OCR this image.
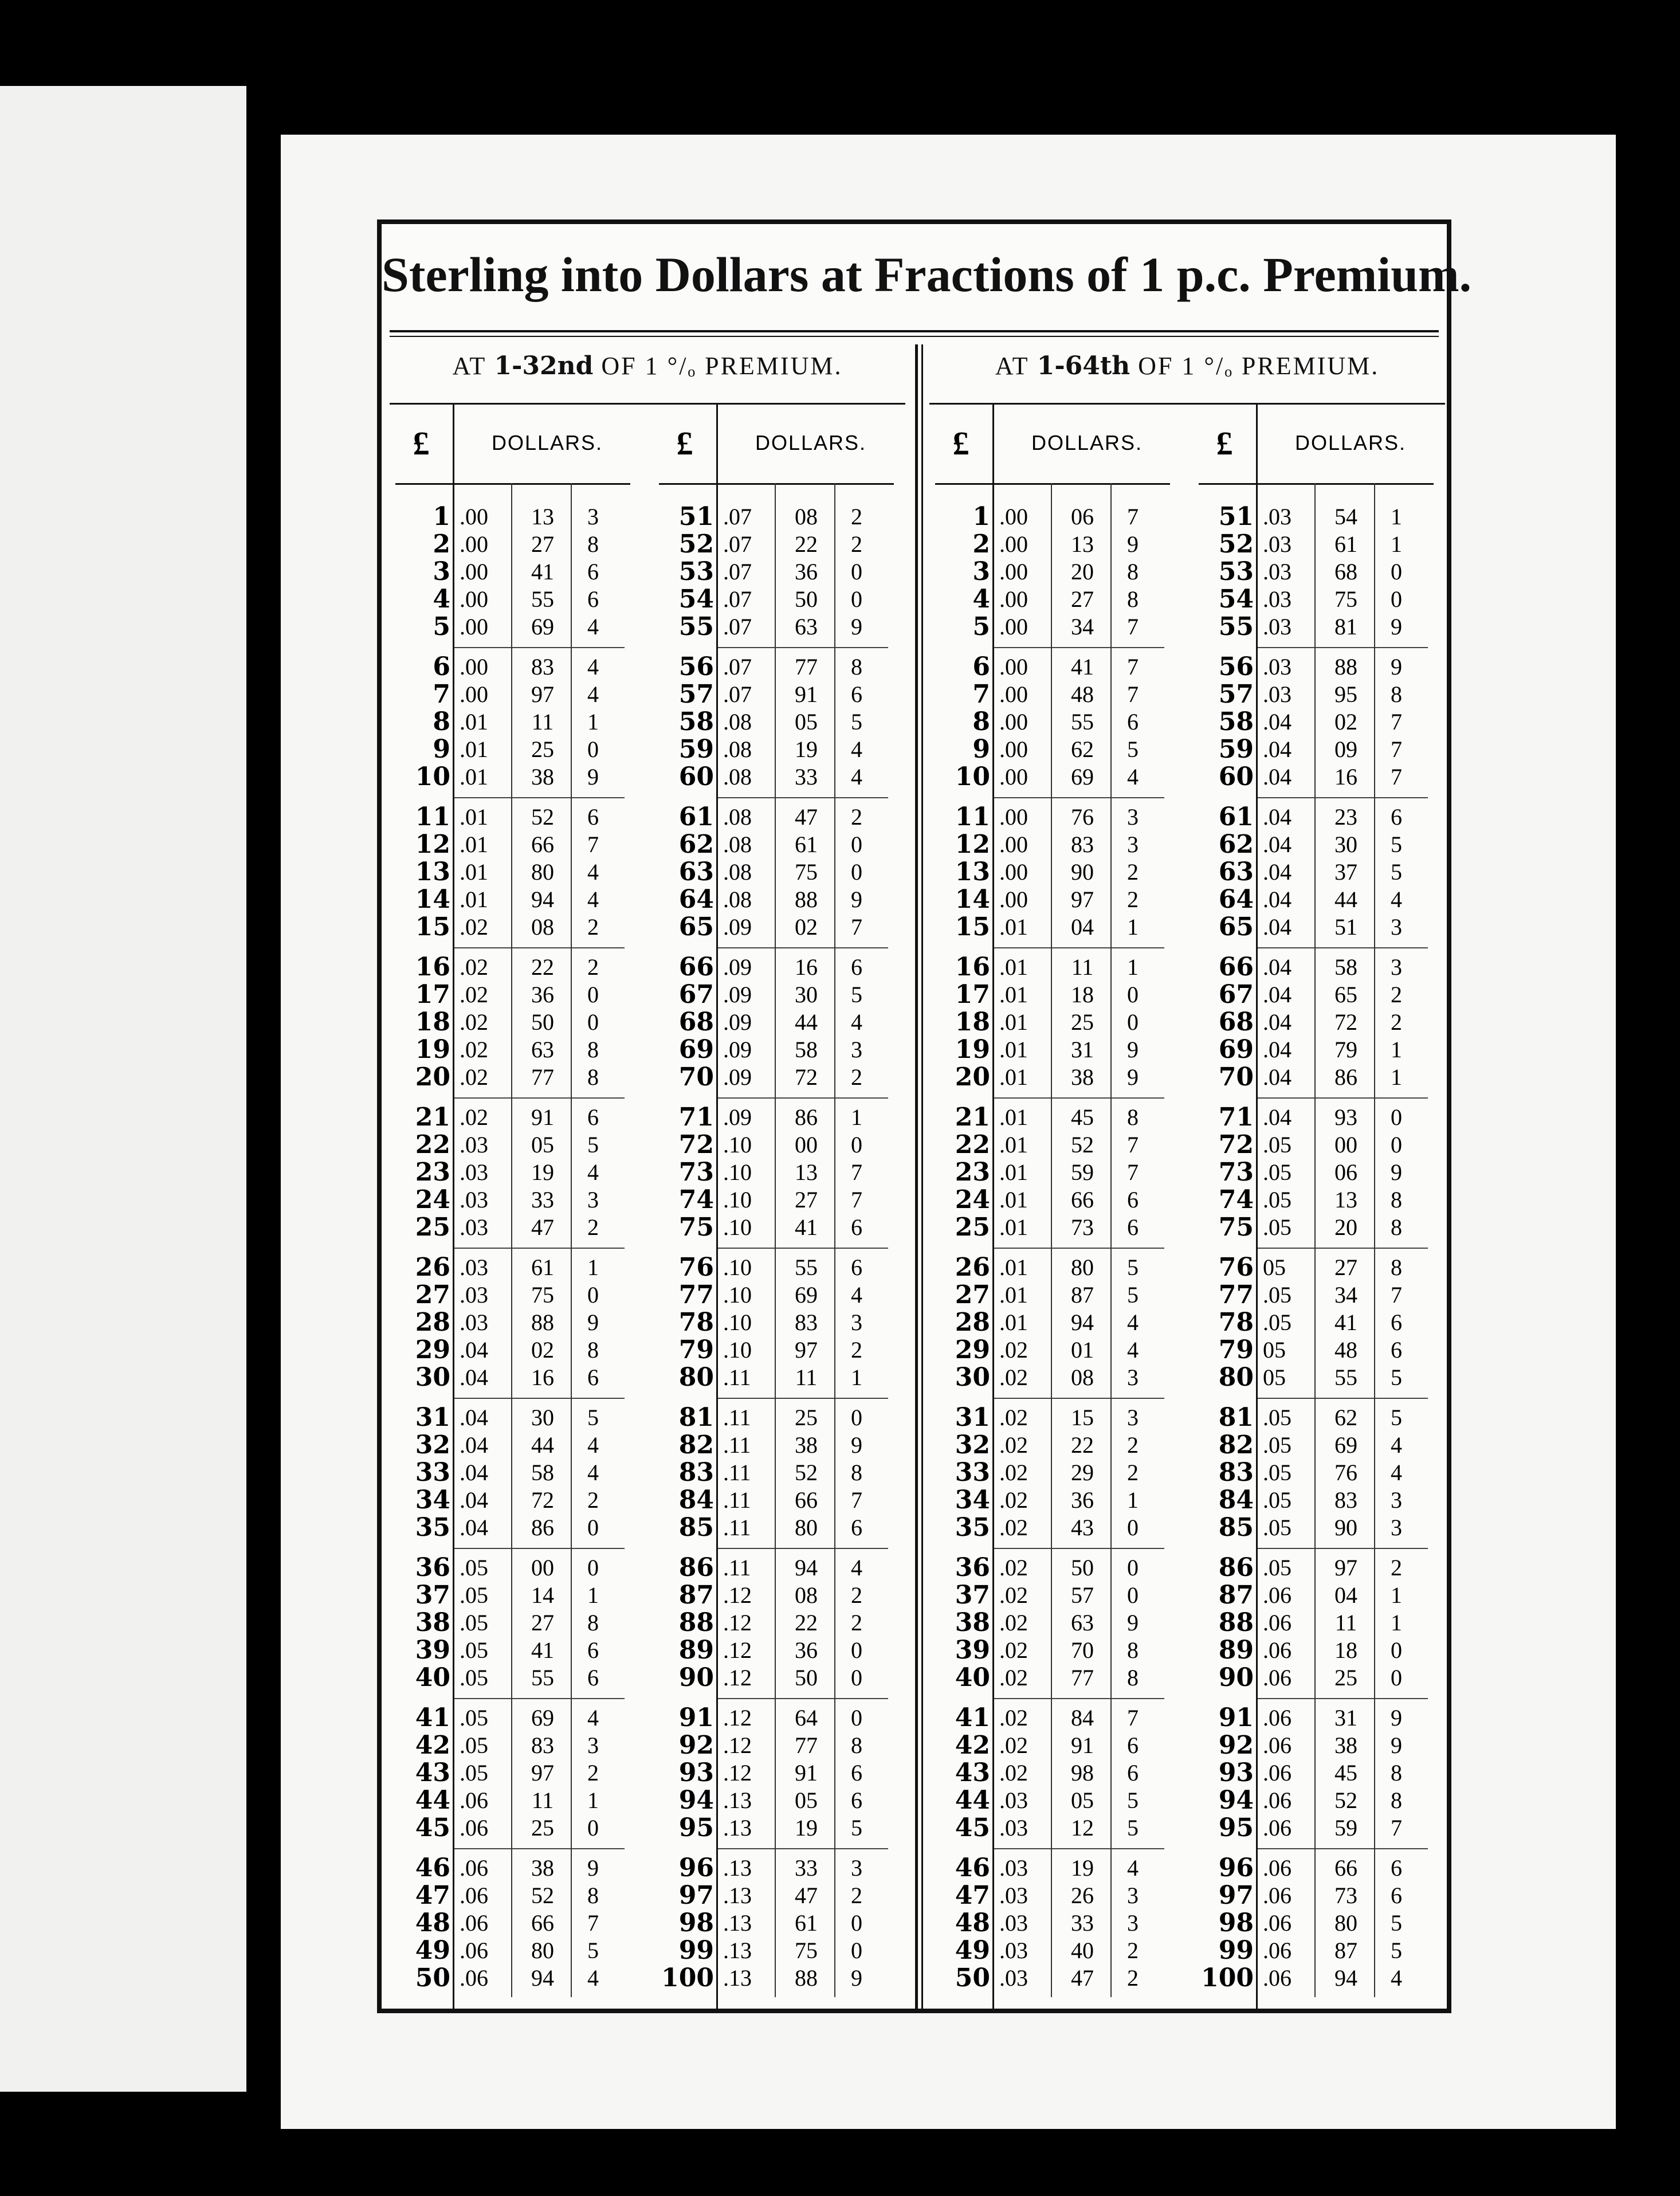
Sterling into Dollars at Fractions of 1 p.c. Premium.
AT 1-32nd OF 1 °/ₒ PREMIUM.
£	DOLLARS.
1 .00	13	3
2 .00	27	8
3 .00	41	6
4 .00	55	6
5 .00	69	4
6 .00	83	4
7 .00	97	4
8 .01	11	1
9 .01	25	0
10 .01	38	9
11 .01	52	6
12 .01	66	7
13 .01	80	4
14 .01	94	4
15 .02	08	2
16 .02	22	2
17 .02	36	0
18 .02	50	0
19 .02	63	8
20 .02	77	8
21 .02	91	6
22 .03	05	5
23 .03	19	4
24 .03	33	3
25 .03	47	2
26 .03	61	1
27 .03	75	0
28 .03	88	9
29 .04	02	8
30 .04	16	6
31 .04	30	5
32 .04	44	4
33 .04	58	4
34 .04	72	2
35 .04	86	0
36 .05	00	0
37 .05	14	1
38 .05	27	8
39 .05	41	6
40 .05	55	6
41 .05	69	4
42 .05	83	3
43 .05	97	2
44 .06	11	1
45 .06	25	0
46 .06	38	9
47 .06	52	8
48 .06	66	7
49 .06	80	5
50 .06	94	4
£	DOLLARS.
51 .07	08	2
52 .07	22	2
53 .07	36	0
54 .07	50	0
55 .07	63	9
56 .07	77	8
57 .07	91	6
58 .08	05	5
59 .08	19	4
60 .08	33	4
61 .08	47	2
62 .08	61	0
63 .08	75	0
64 .08	88	9
65 .09	02	7
66 .09	16	6
67 .09	30	5
68 .09	44	4
69 .09	58	3
70 .09	72	2
71 .09	86	1
72 .10	00	0
73 .10	13	7
74 .10	27	7
75 .10	41	6
76 .10	55	6
77 .10	69	4
78 .10	83	3
79 .10	97	2
80 .11	11	1
81 .11	25	0
82 .11	38	9
83 .11	52	8
84 .11	66	7
85 .11	80	6
86 .11	94	4
87 .12	08	2
88 .12	22	2
89 .12	36	0
90 .12	50	0
91 .12	64	0
92 .12	77	8
93 .12	91	6
94 .13	05	6
95 .13	19	5
96 .13	33	3
97 .13	47	2
98 .13	61	0
99 .13	75	0
100 .13	88	9
AT 1-64th OF 1 °/ₒ PREMIUM.
£	DOLLARS.
1 .00	06	7
2 .00	13	9
3 .00	20	8
4 .00	27	8
5 .00	34	7
6 .00	41	7
7 .00	48	7
8 .00	55	6
9 .00	62	5
10 .00	69	4
11 .00	76	3
12 .00	83	3
13 .00	90	2
14 .00	97	2
15 .01	04	1
16 .01	11	1
17 .01	18	0
18 .01	25	0
19 .01	31	9
20 .01	38	9
21 .01	45	8
22 .01	52	7
23 .01	59	7
24 .01	66	6
25 .01	73	6
26 .01	80	5
27 .01	87	5
28 .01	94	4
29 .02	01	4
30 .02	08	3
31 .02	15	3
32 .02	22	2
33 .02	29	2
34 .02	36	1
35 .02	43	0
36 .02	50	0
37 .02	57	0
38 .02	63	9
39 .02	70	8
40 .02	77	8
41 .02	84	7
42 .02	91	6
43 .02	98	6
44 .03	05	5
45 .03	12	5
46 .03	19	4
47 .03	26	3
48 .03	33	3
49 .03	40	2
50 .03	47	2
£	DOLLARS.
51 .03	54	1
52 .03	61	1
53 .03	68	0
54 .03	75	0
55 .03	81	9
56 .03	88	9
57 .03	95	8
58 .04	02	7
59 .04	09	7
60 .04	16	7
61 .04	23	6
62 .04	30	5
63 .04	37	5
64 .04	44	4
65 .04	51	3
66 .04	58	3
67 .04	65	2
68 .04	72	2
69 .04	79	1
70 .04	86	1
71 .04	93	0
72 .05	00	0
73 .05	06	9
74 .05	13	8
75 .05	20	8
76 05	27	8
77 .05	34	7
78 .05	41	6
79 05	48	6
80 05	55	5
81 .05	62	5
82 .05	69	4
83 .05	76	4
84 .05	83	3
85 .05	90	3
86 .05	97	2
87 .06	04	1
88 .06	11	1
89 .06	18	0
90 .06	25	0
91 .06	31	9
92 .06	38	9
93 .06	45	8
94 .06	52	8
95 .06	59	7
96 .06	66	6
97 .06	73	6
98 .06	80	5
99 .06	87	5
100 .06	94	4
